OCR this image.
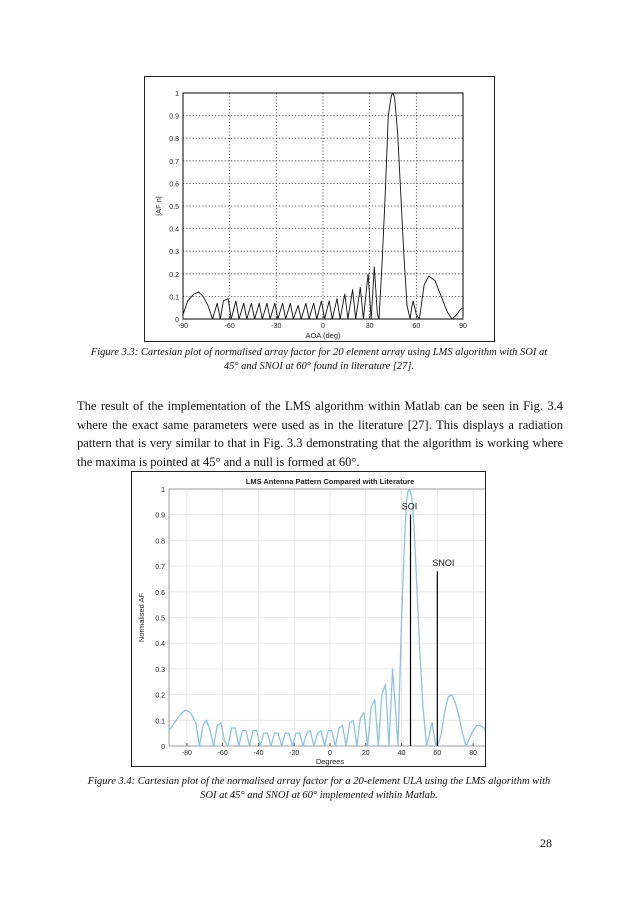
-90	-60	-30	0	30	60	90
0
0.1
0.2
0.3
0.4
0.5
0.6
0.7
0.8
0.9
1
AOA (deg)
|AF n|
Figure 3.3: Cartesian plot of normalised array factor for 20 element array using LMS algorithm with SOI at
45° and SNOI at 60° found in literature [27].
The result of the implementation of the LMS algorithm within Matlab can be seen in Fig. 3.4 where the exact same parameters were used as in the literature [27]. This displays a radiation pattern that is very similar to that in Fig. 3.3 demonstrating that the algorithm is working where the maxima is pointed at 45° and a null is formed at 60°.
-80	-60	-40	-20	0	20	40	60	80
0
0.1
0.2
0.3
0.4
0.5
0.6
0.7
0.8
0.9
1
Degrees
Normalised AF
LMS Antenna Pattern Compared with Literature
SOI
SNOI
Figure 3.4: Cartesian plot of the normalised array factor for a 20-element ULA using the LMS algorithm with
SOI at 45° and SNOI at 60° implemented within Matlab.
28
